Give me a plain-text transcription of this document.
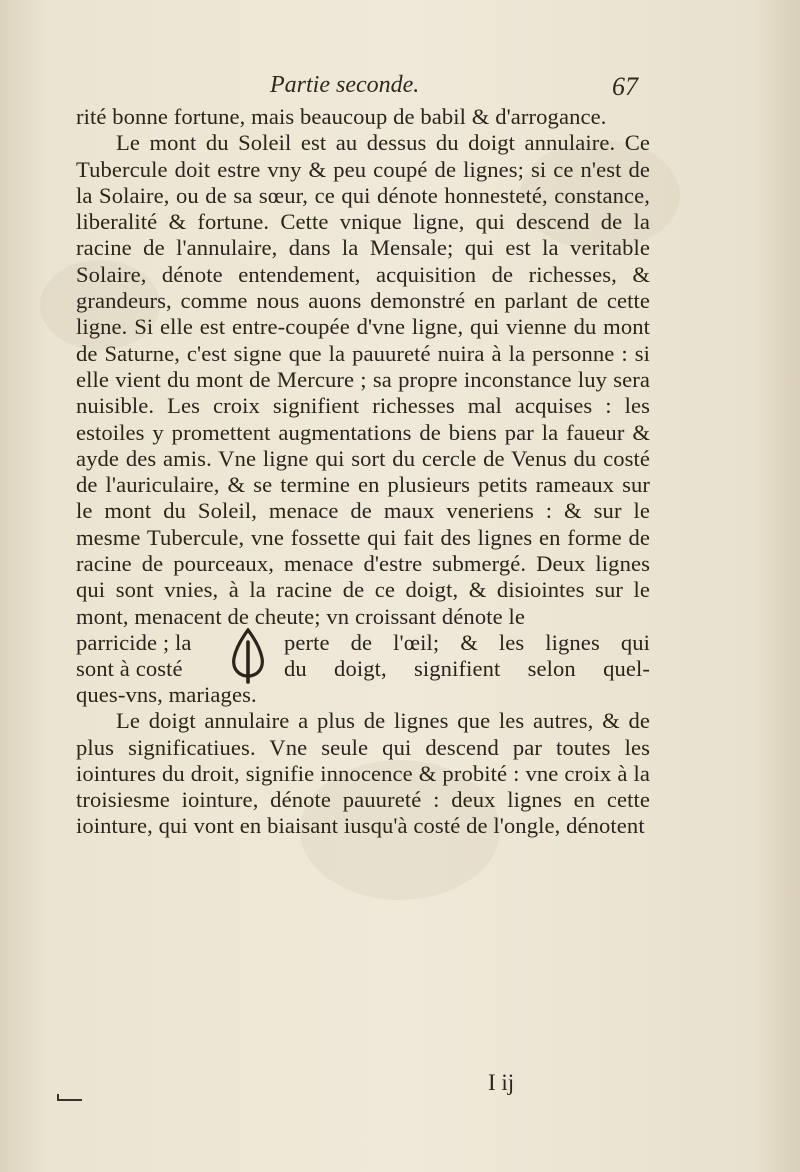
Partie seconde.	67

rité bonne fortune, mais beaucoup de babil & d'arrogance.

Le mont du Soleil est au dessus du doigt annulaire. Ce Tubercule doit estre vny & peu coupé de lignes; si ce n'est de la Solaire, ou de sa sœur, ce qui dénote honnesteté, constance, liberalité & fortune. Cette vnique ligne, qui descend de la racine de l'annulaire, dans la Mensale; qui est la veritable Solaire, dénote entendement, acquisition de richesses, & grandeurs, comme nous auons demonstré en parlant de cette ligne. Si elle est entre-coupée d'vne ligne, qui vienne du mont de Saturne, c'est signe que la pauureté nuira à la personne : si elle vient du mont de Mercure ; sa propre inconstance luy sera nuisible. Les croix signifient richesses mal acquises : les estoiles y promettent augmentations de biens par la faueur & ayde des amis. Vne ligne qui sort du cercle de Venus du costé de l'auriculaire, & se termine en plusieurs petits rameaux sur le mont du Soleil, menace de maux veneriens : & sur le mesme Tubercule, vne fossette qui fait des lignes en forme de racine de pourceaux, menace d'estre submergé. Deux lignes qui sont vnies, à la racine de ce doigt, & disiointes sur le mont, menacent de cheute; vn croissant dénote le

parricide ; la	perte de l'œil; & les lignes qui
sont à costé	du doigt, signifient selon quel-

ques-vns, mariages.

Le doigt annulaire a plus de lignes que les autres, & de plus significatiues. Vne seule qui descend par toutes les iointures du droit, signifie innocence & probité : vne croix à la troisiesme iointure, dénote pauureté : deux lignes en cette iointure, qui vont en biaisant iusqu'à costé de l'ongle, dénotent

I ij
